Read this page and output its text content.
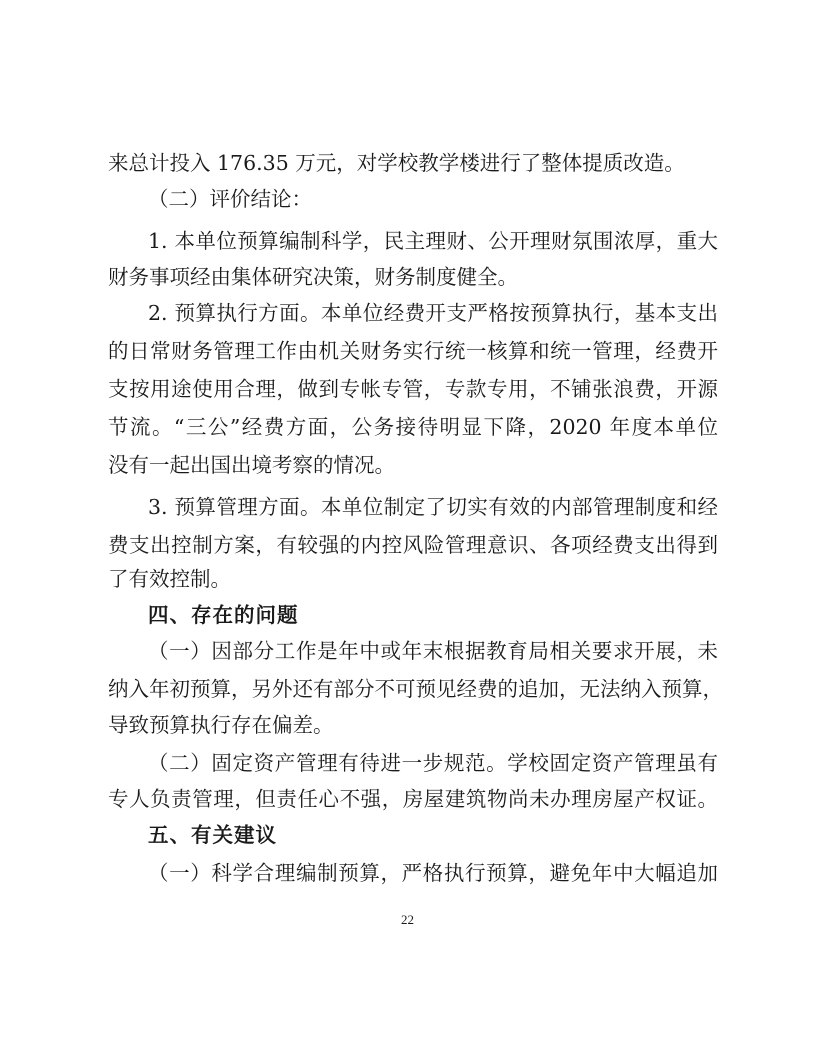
来总计投入 176.35 万元，对学校教学楼进行了整体提质改造。
（二）评价结论：
1. 本单位预算编制科学，民主理财、公开理财氛围浓厚，重大
财务事项经由集体研究决策，财务制度健全。
2. 预算执行方面。本单位经费开支严格按预算执行，基本支出
的日常财务管理工作由机关财务实行统一核算和统一管理，经费开
支按用途使用合理，做到专帐专管，专款专用，不铺张浪费，开源
节流。“三公”经费方面，公务接待明显下降，2020 年度本单位
没有一起出国出境考察的情况。
3. 预算管理方面。本单位制定了切实有效的内部管理制度和经
费支出控制方案，有较强的内控风险管理意识、各项经费支出得到
了有效控制。
四、存在的问题
（一）因部分工作是年中或年末根据教育局相关要求开展，未
纳入年初预算，另外还有部分不可预见经费的追加，无法纳入预算，
导致预算执行存在偏差。
（二）固定资产管理有待进一步规范。学校固定资产管理虽有
专人负责管理，但责任心不强，房屋建筑物尚未办理房屋产权证。
五、有关建议
（一）科学合理编制预算，严格执行预算，避免年中大幅追加
22
